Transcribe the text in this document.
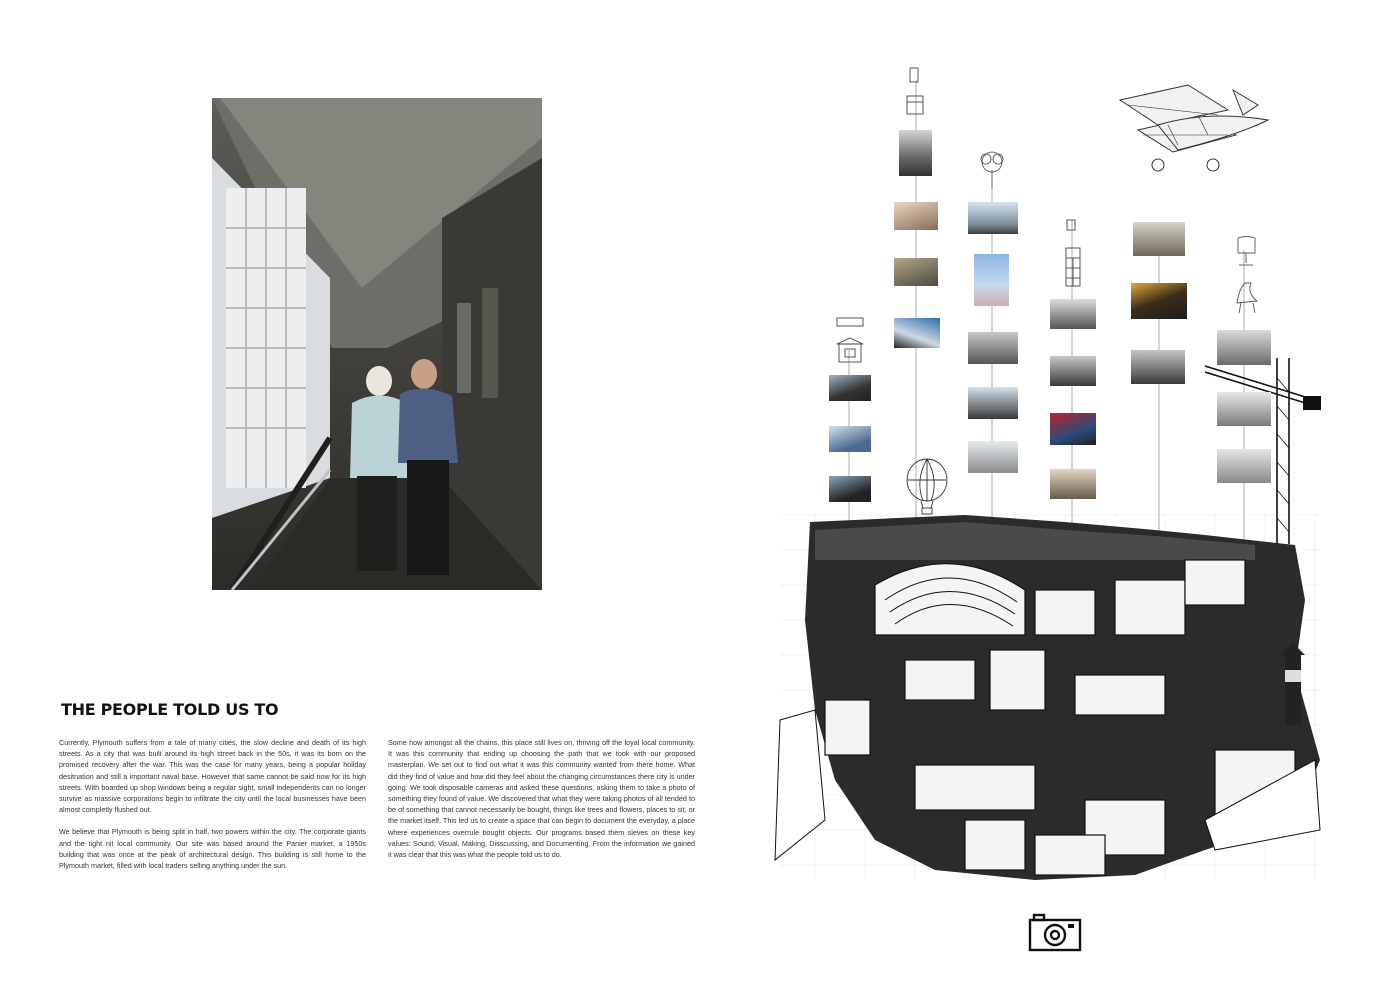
THE PEOPLE TOLD US TO

Currently, Plymouth suffers from a tale of many cities, the slow decline and death of its high streets. As a city that was built around its high street back in the 50s, it was its born on the promised recovery after the war. This was the case for many years, being a popular holiday desitnation and still a important naval base. However that same cannot be said now for its high streets. With boarded up shop windows being a regular sight, small independents can no longer survive as massive corporations begin to infiltrate the city until the local businesses have been almost completly flushed out.

We believe that Plymouth is being split in half, two powers within the city. The corporate giants and the tight nit local community. Our site was based around the Panier market, a 1950s building that was once at the peak of architectural design. This building is still home to the Plymouth market, filled with local traders selling anything under the sun.

Some how amongst all the chains, this place still lives on, thriving off the loyal local community. It was this community that ending up choosing the path that we took with our proposed masterplan. We set out to find out what it was this community wanted from there home. What did they find of value and how did they feel about the changing circumstances there city is under going. We took disposable cameras and asked these questions, asking them to take a photo of something they found of value. We discovered that what they were taking photos of all tended to be of something that cannot necessarily be bought, things like trees and flowers, places to sit, or the market itself. This led us to create a space that can begin to document the everyday, a place where experiences overrule bought objects. Our programs based them sleves on these key values: Sound, Visual, Making, Disscussing, and Documenting. From the information we gained it was clear that this was what the people told us to do.
